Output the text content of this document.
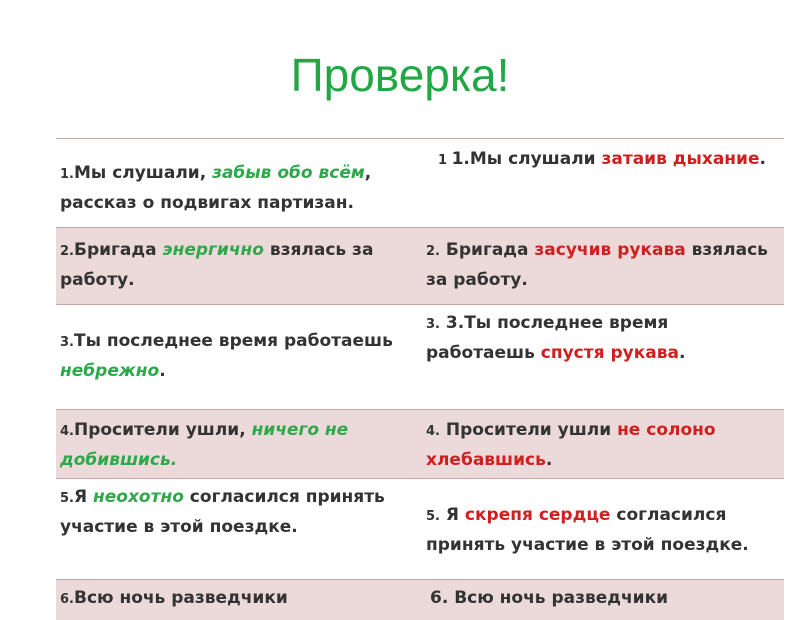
Проверка!
1.Мы слушали, забыв обо всём, рассказ о подвигах партизан.
1 1.Мы слушали затаив дыхание.
2.Бригада энергично взялась за работу.
2. Бригада засучив рукава взялась за работу.
3.Ты последнее время работаешь небрежно.
3. 3.Ты последнее время работаешь спустя рукава.
4.Просители ушли, ничего не добившись.
4. Просители ушли не солоно хлебавшись.
5.Я неохотно согласился принять участие в этой поездке.
5. Я скрепя сердце согласился принять участие в этой поездке.
6.Всю ночь разведчики	6. Всю ночь разведчики
